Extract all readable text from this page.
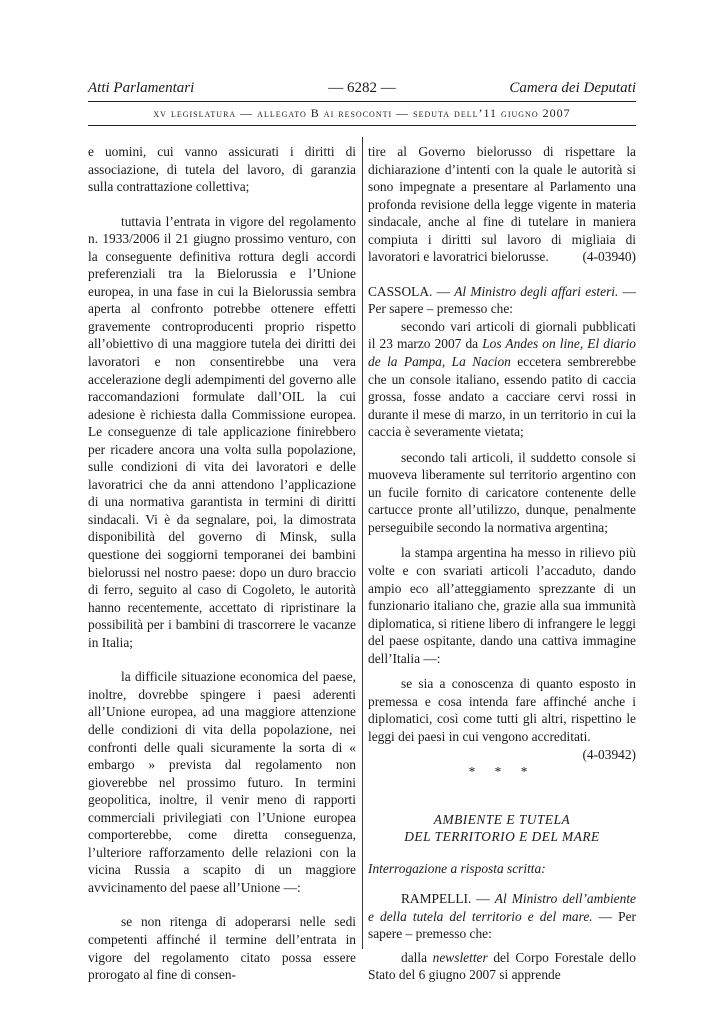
Atti Parlamentari	— 6282 —	Camera dei Deputati
xv legislatura — allegato B ai resoconti — seduta dell’11 giugno 2007

e uomini, cui vanno assicurati i diritti di associazione, di tutela del lavoro, di garanzia sulla contrattazione collettiva;

tuttavia l’entrata in vigore del regolamento n. 1933/2006 il 21 giugno prossimo venturo, con la conseguente definitiva rottura degli accordi preferenziali tra la Bielorussia e l’Unione europea, in una fase in cui la Bielorussia sembra aperta al confronto potrebbe ottenere effetti gravemente controproducenti proprio rispetto all’obiettivo di una maggiore tutela dei diritti dei lavoratori e non consentirebbe una vera accelerazione degli adempimenti del governo alle raccomandazioni formulate dall’OIL la cui adesione è richiesta dalla Commissione europea. Le conseguenze di tale applicazione finirebbero per ricadere ancora una volta sulla popolazione, sulle condizioni di vita dei lavoratori e delle lavoratrici che da anni attendono l’applicazione di una normativa garantista in termini di diritti sindacali. Vi è da segnalare, poi, la dimostrata disponibilità del governo di Minsk, sulla questione dei soggiorni temporanei dei bambini bielorussi nel nostro paese: dopo un duro braccio di ferro, seguito al caso di Cogoleto, le autorità hanno recentemente, accettato di ripristinare la possibilità per i bambini di trascorrere le vacanze in Italia;

la difficile situazione economica del paese, inoltre, dovrebbe spingere i paesi aderenti all’Unione europea, ad una maggiore attenzione delle condizioni di vita della popolazione, nei confronti delle quali sicuramente la sorta di « embargo » prevista dal regolamento non gioverebbe nel prossimo futuro. In termini geopolitica, inoltre, il venir meno di rapporti commerciali privilegiati con l’Unione europea comporterebbe, come diretta conseguenza, l’ulteriore rafforzamento delle relazioni con la vicina Russia a scapito di un maggiore avvicinamento del paese all’Unione —:

se non ritenga di adoperarsi nelle sedi competenti affinché il termine dell’entrata in vigore del regolamento citato possa essere prorogato al fine di consen-

tire al Governo bielorusso di rispettare la dichiarazione d’intenti con la quale le autorità si sono impegnate a presentare al Parlamento una profonda revisione della legge vigente in materia sindacale, anche al fine di tutelare in maniera compiuta i diritti sul lavoro di migliaia di lavoratori e lavoratrici bielorusse.	(4-03940)

CASSOLA. — Al Ministro degli affari esteri. — Per sapere – premesso che:

secondo vari articoli di giornali pubblicati il 23 marzo 2007 da Los Andes on line, El diario de la Pampa, La Nacion eccetera sembrerebbe che un console italiano, essendo patito di caccia grossa, fosse andato a cacciare cervi rossi in durante il mese di marzo, in un territorio in cui la caccia è severamente vietata;

secondo tali articoli, il suddetto console si muoveva liberamente sul territorio argentino con un fucile fornito di caricatore contenente delle cartucce pronte all’utilizzo, dunque, penalmente perseguibile secondo la normativa argentina;

la stampa argentina ha messo in rilievo più volte e con svariati articoli l’accaduto, dando ampio eco all’atteggiamento sprezzante di un funzionario italiano che, grazie alla sua immunità diplomatica, si ritiene libero di infrangere le leggi del paese ospitante, dando una cattiva immagine dell’Italia —:

se sia a conoscenza di quanto esposto in premessa e cosa intenda fare affinché anche i diplomatici, così come tutti gli altri, rispettino le leggi dei paesi in cui vengono accreditati.
(4-03942)

* * *

AMBIENTE E TUTELA

DEL TERRITORIO E DEL MARE

Interrogazione a risposta scritta:

RAMPELLI. — Al Ministro dell’ambiente e della tutela del territorio e del mare. — Per sapere – premesso che:

dalla newsletter del Corpo Forestale dello Stato del 6 giugno 2007 si apprende
